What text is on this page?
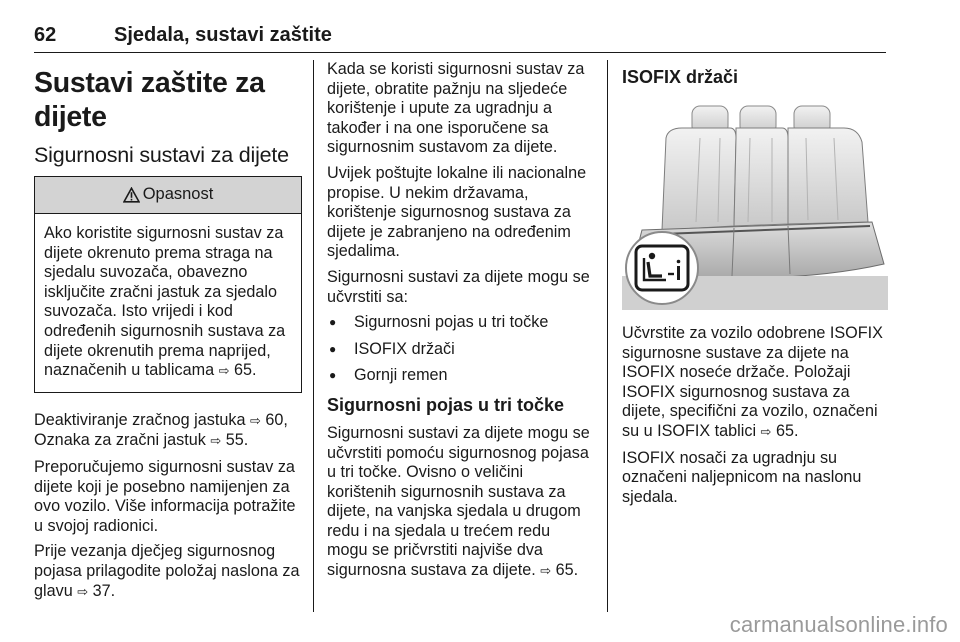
62	Sjedala, sustavi zaštite
Sustavi zaštite za dijete
Sigurnosni sustavi za dijete
Opasnost
Ako koristite sigurnosni sustav za dijete okrenuto prema straga na sjedalu suvozača, obavezno isključite zračni jastuk za sjedalo suvozača. Isto vrijedi i kod određenih sigurnosnih sustava za dijete okrenutih prema naprijed, naznačenih u tablicama ⇨ 65.

Deaktiviranje zračnog jastuka ⇨ 60,
Oznaka za zračni jastuk ⇨ 55.

Preporučujemo sigurnosni sustav za dijete koji je posebno namijenjen za ovo vozilo. Više informacija potražite u svojoj radionici.

Prije vezanja dječjeg sigurnosnog pojasa prilagodite položaj naslona za glavu ⇨ 37.

Kada se koristi sigurnosni sustav za dijete, obratite pažnju na sljedeće korištenje i upute za ugradnju a također i na one isporučene sa sigurnosnim sustavom za dijete.

Uvijek poštujte lokalne ili nacionalne propise. U nekim državama, korištenje sigurnosnog sustava za dijete je zabranjeno na određenim sjedalima.

Sigurnosni sustavi za dijete mogu se učvrstiti sa:

● Sigurnosni pojas u tri točke
● ISOFIX držači
● Gornji remen
Sigurnosni pojas u tri točke

Sigurnosni sustavi za dijete mogu se učvrstiti pomoću sigurnosnog pojasa u tri točke. Ovisno o veličini korištenih sigurnosnih sustava za dijete, na vanjska sjedala u drugom redu i na sjedala u trećem redu mogu se pričvrstiti najviše dva sigurnosna sustava za dijete. ⇨ 65.

ISOFIX držači

Učvrstite za vozilo odobrene ISOFIX sigurnosne sustave za dijete na ISOFIX noseće držače. Položaji ISOFIX sigurnosnog sustava za dijete, specifični za vozilo, označeni su u ISOFIX tablici ⇨ 65.

ISOFIX nosači za ugradnju su označeni naljepnicom na naslonu sjedala.

carmanualsonline.info
